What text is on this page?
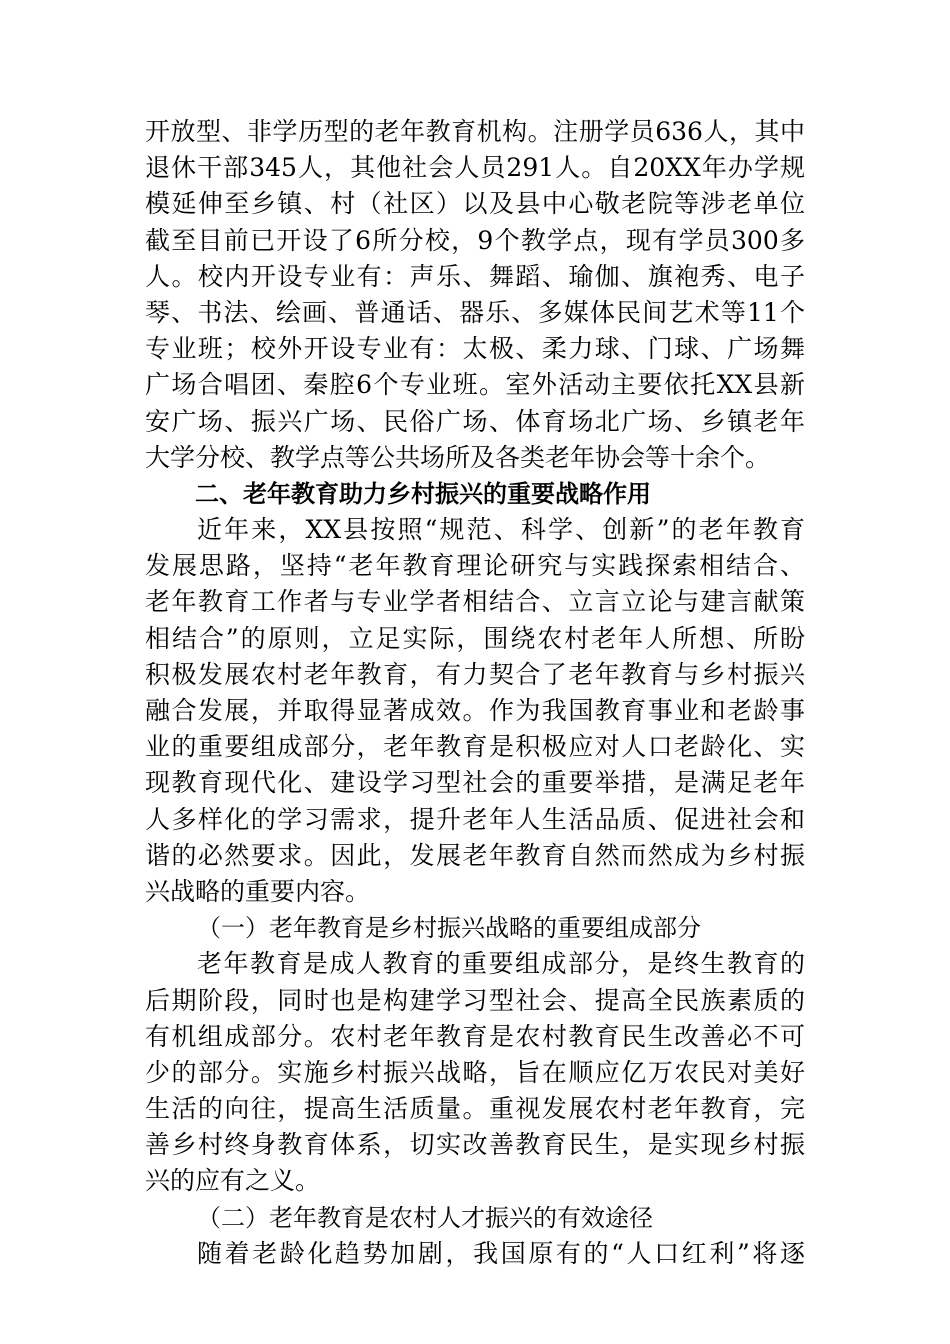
开放型、非学历型的老年教育机构。注册学员636人，其中
退休干部345人，其他社会人员291人。自20XX年办学规
模延伸至乡镇、村（社区）以及县中心敬老院等涉老单位
截至目前已开设了6所分校，9个教学点，现有学员300多
人。校内开设专业有：声乐、舞蹈、瑜伽、旗袍秀、电子
琴、书法、绘画、普通话、器乐、多媒体民间艺术等11个
专业班；校外开设专业有：太极、柔力球、门球、广场舞
广场合唱团、秦腔6个专业班。室外活动主要依托XX县新
安广场、振兴广场、民俗广场、体育场北广场、乡镇老年
大学分校、教学点等公共场所及各类老年协会等十余个。
二、老年教育助力乡村振兴的重要战略作用
近年来，XX县按照“规范、科学、创新”的老年教育
发展思路，坚持“老年教育理论研究与实践探索相结合、
老年教育工作者与专业学者相结合、立言立论与建言献策
相结合”的原则，立足实际，围绕农村老年人所想、所盼
积极发展农村老年教育，有力契合了老年教育与乡村振兴
融合发展，并取得显著成效。作为我国教育事业和老龄事
业的重要组成部分，老年教育是积极应对人口老龄化、实
现教育现代化、建设学习型社会的重要举措，是满足老年
人多样化的学习需求，提升老年人生活品质、促进社会和
谐的必然要求。因此，发展老年教育自然而然成为乡村振
兴战略的重要内容。
（一）老年教育是乡村振兴战略的重要组成部分
老年教育是成人教育的重要组成部分，是终生教育的
后期阶段，同时也是构建学习型社会、提高全民族素质的
有机组成部分。农村老年教育是农村教育民生改善必不可
少的部分。实施乡村振兴战略，旨在顺应亿万农民对美好
生活的向往，提高生活质量。重视发展农村老年教育，完
善乡村终身教育体系，切实改善教育民生，是实现乡村振
兴的应有之义。
（二）老年教育是农村人才振兴的有效途径
随着老龄化趋势加剧，我国原有的“人口红利”将逐
